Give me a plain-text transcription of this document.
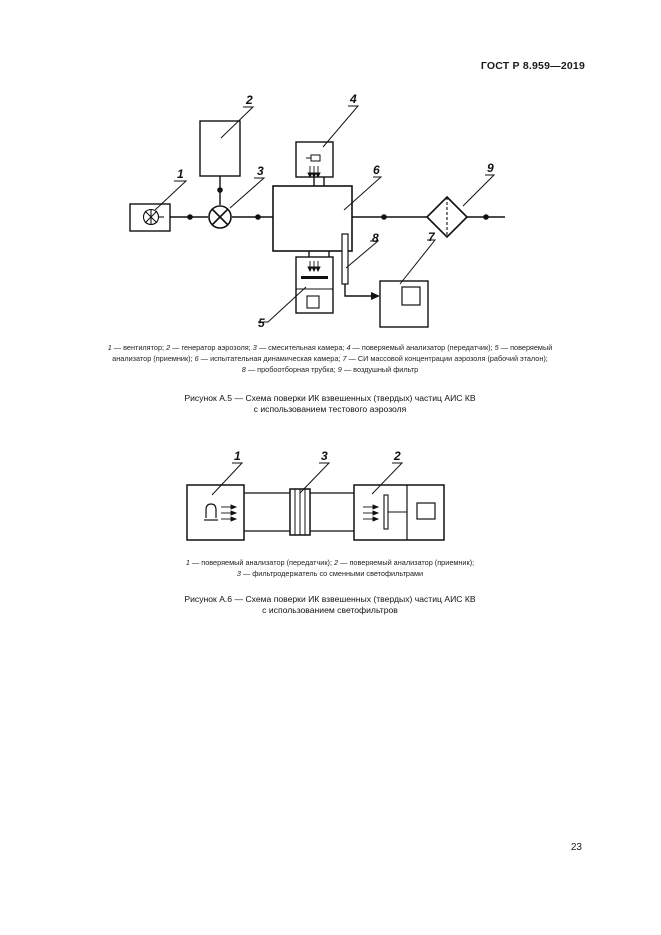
ГОСТ Р 8.959—2019
1
2
3
4
5
6
7
8
9
1 — вентилятор; 2 — генератор аэрозоля; 3 — смесительная камера; 4 — поверяемый анализатор (передатчик); 5 — поверяемый
анализатор (приемник); 6 — испытательная динамическая камера; 7 — СИ массовой концентрации аэрозоля (рабочий эталон);
8 — пробоотборная трубка; 9 — воздушный фильтр
Рисунок А.5 — Схема поверки ИК взвешенных (твердых) частиц АИС КВ
с использованием тестового аэрозоля
1	2
3
1 — поверяемый анализатор (передатчик); 2 — поверяемый анализатор (приемник);
3 — фильтродержатель со сменными светофильтрами
Рисунок А.6 — Схема поверки ИК взвешенных (твердых) частиц АИС КВ
с использованием светофильтров
23
